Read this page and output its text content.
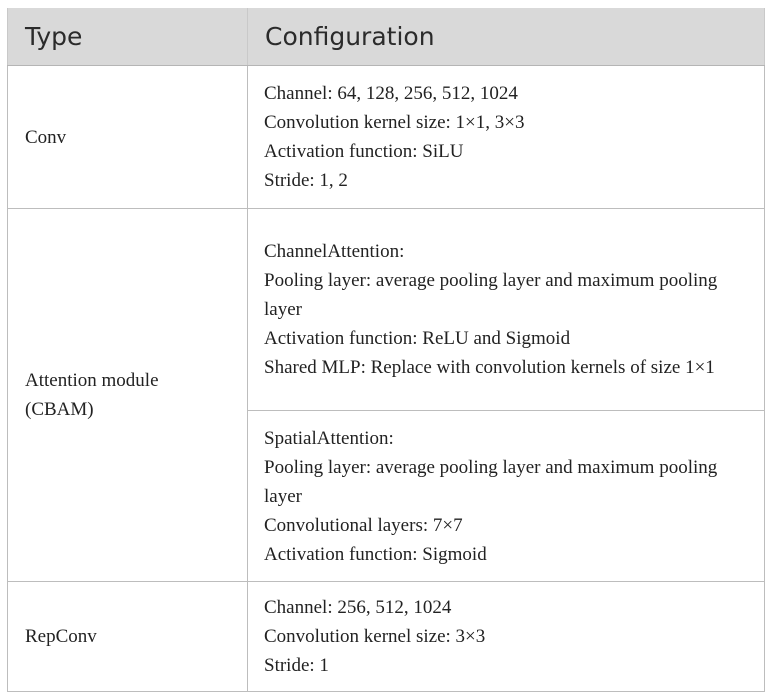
Type	Configuration
Conv	Channel: 64, 128, 256, 512, 1024
Convolution kernel size: 1×1, 3×3
Activation function: SiLU
Stride: 1, 2

Attention module (CBAM)	ChannelAttention:
Pooling layer: average pooling layer and maximum pooling layer
Activation function: ReLU and Sigmoid
Shared MLP: Replace with convolution kernels of size 1×1

	SpatialAttention:
Pooling layer: average pooling layer and maximum pooling layer
Convolutional layers: 7×7
Activation function: Sigmoid

RepConv	Channel: 256, 512, 1024
Convolution kernel size: 3×3
Stride: 1
